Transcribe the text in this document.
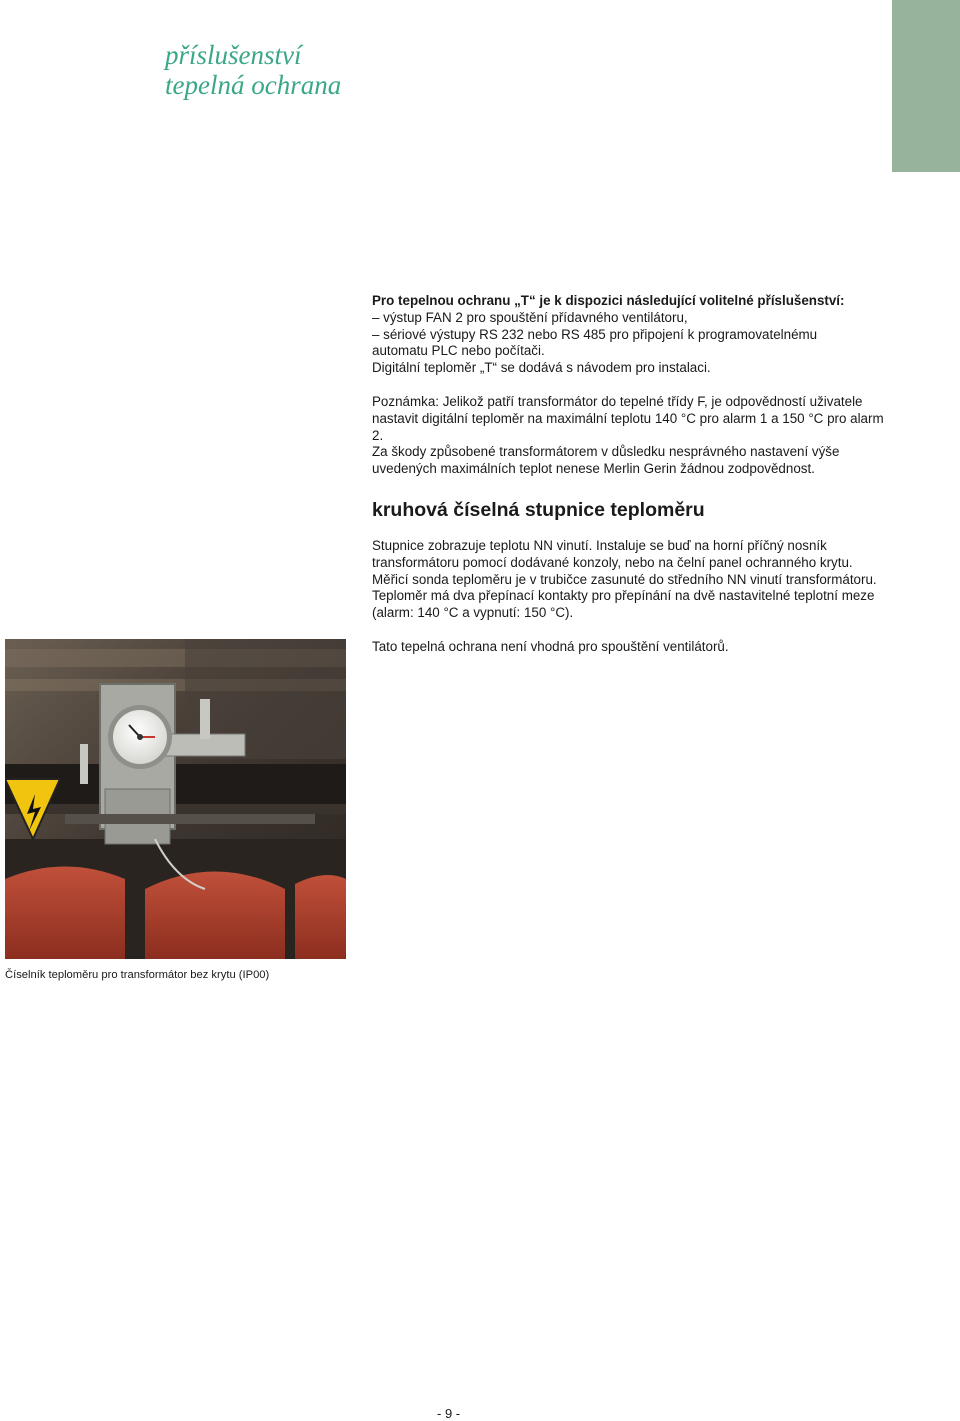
příslušenství
tepelná ochrana

Pro tepelnou ochranu „T“ je k dispozici následující volitelné příslušenství:

– výstup FAN 2 pro spouštění přídavného ventilátoru,

– sériové výstupy RS 232 nebo RS 485 pro připojení k programovatelnému

automatu PLC nebo počítači.

Digitální teploměr „T“ se dodává s návodem pro instalaci.

Poznámka: Jelikož patří transformátor do tepelné třídy F, je odpovědností uživatele nastavit digitální teploměr na maximální teplotu 140 °C pro alarm 1 a 150 °C pro alarm 2.

Za škody způsobené transformátorem v důsledku nesprávného nastavení výše uvedených maximálních teplot nenese Merlin Gerin žádnou zodpovědnost.

kruhová číselná stupnice teploměru

Stupnice zobrazuje teplotu NN vinutí. Instaluje se buď na horní příčný nosník transformátoru pomocí dodávané konzoly, nebo na čelní panel ochranného krytu.

Měřicí sonda teploměru je v trubičce zasunuté do středního NN vinutí transformátoru.

Teploměr má dva přepínací kontakty pro přepínání na dvě nastavitelné teplotní meze (alarm: 140 °C a vypnutí: 150 °C).

Tato tepelná ochrana není vhodná pro spouštění ventilátorů.

Číselník teploměru pro transformátor bez krytu (IP00)

- 9 -
